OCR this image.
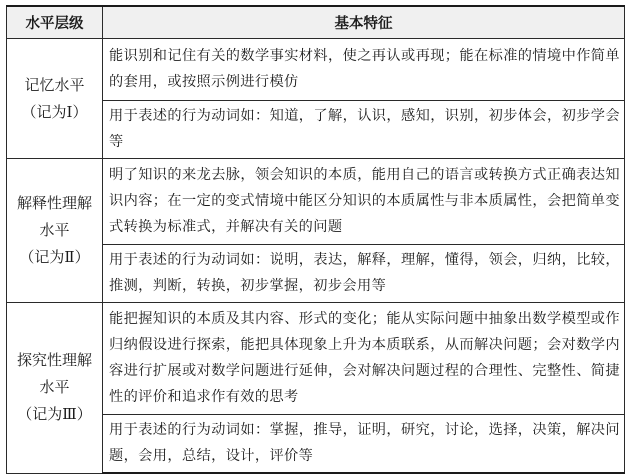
水平层级	基本特征

记忆水平
（记为Ⅰ）	能识别和记住有关的数学事实材料，使之再认或再现；能在标准的情境中作简单的套用，或按照示例进行模仿
	用于表述的行为动词如：知道，了解，认识，感知，识别，初步体会，初步学会等

解释性理解
水平
（记为Ⅱ）	明了知识的来龙去脉，领会知识的本质，能用自己的语言或转换方式正确表达知识内容；在一定的变式情境中能区分知识的本质属性与非本质属性，会把简单变式转换为标准式，并解决有关的问题
	用于表述的行为动词如：说明，表达，解释，理解，懂得，领会，归纳，比较，推测，判断，转换，初步掌握，初步会用等

探究性理解
水平
（记为Ⅲ）	能把握知识的本质及其内容、形式的变化；能从实际问题中抽象出数学模型或作归纳假设进行探索，能把具体现象上升为本质联系，从而解决问题；会对数学内容进行扩展或对数学问题进行延伸，会对解决问题过程的合理性、完整性、简捷性的评价和追求作有效的思考
	用于表述的行为动词如：掌握，推导，证明，研究，讨论，选择，决策，解决问题，会用，总结，设计，评价等
